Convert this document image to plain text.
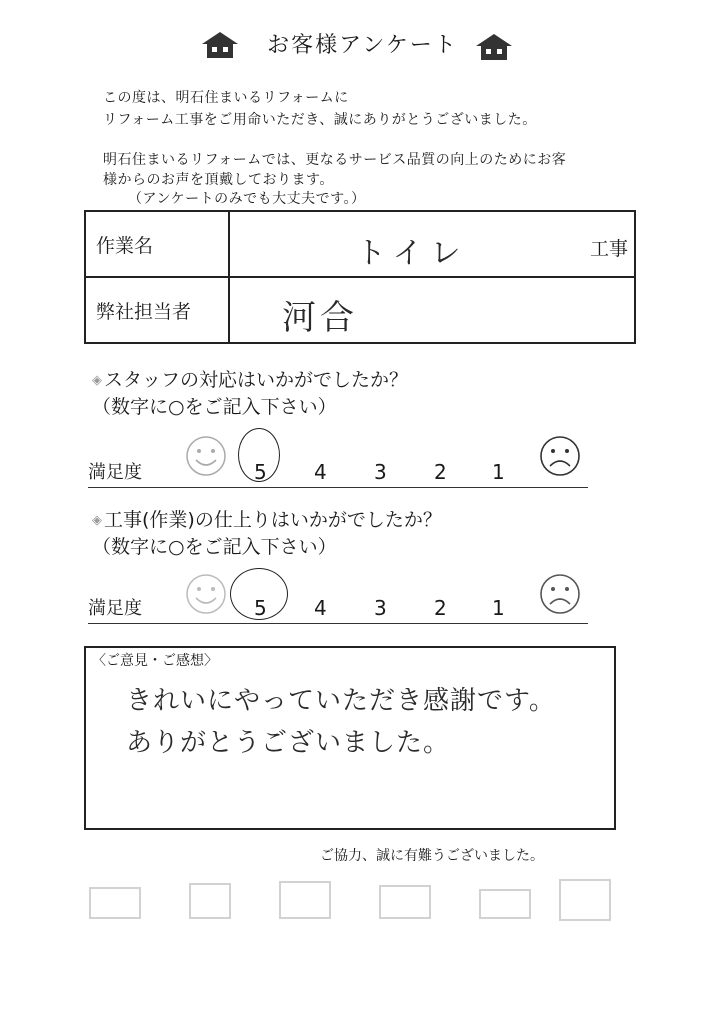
お客様アンケート
この度は、明石住まいるリフォームに
リフォーム工事をご用命いただき、誠にありがとうございました。
明石住まいるリフォームでは、更なるサービス品質の向上のためにお客
様からのお声を頂戴しております。
（アンケートのみでも大丈夫です。）
作業名	トイレ	工事
弊社担当者	河合
◈ スタッフの対応はいかがでしたか？
（数字に○をご記入下さい）
満足度	5 4 3 2 1
◈ 工事(作業)の仕上りはいかがでしたか？
（数字に○をご記入下さい）
満足度	5 4 3 2 1
〈ご意見・ご感想〉
きれいにやっていただき感謝です。
ありがとうございました。
ご協力、誠に有難うございました。
